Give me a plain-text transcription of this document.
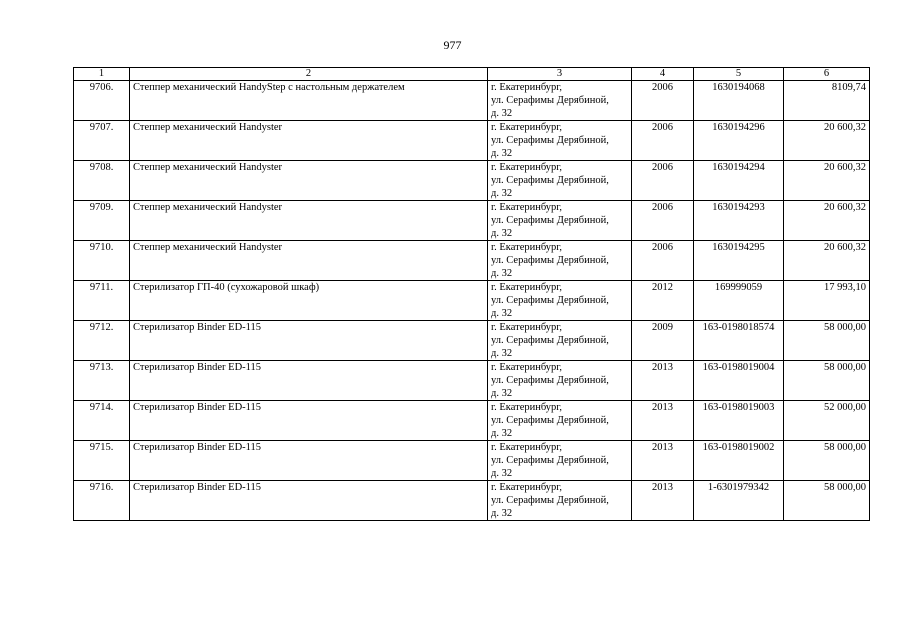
977
1	2	3	4	5	6
9706.	Степпер механический HandyStep с настольным держателем	г. Екатеринбург,
ул. Серафимы Дерябиной,
д. 32	2006	1630194068	8109,74
9707.	Степпер механический Handyster	г. Екатеринбург,
ул. Серафимы Дерябиной,
д. 32	2006	1630194296	20 600,32
9708.	Степпер механический Handyster	г. Екатеринбург,
ул. Серафимы Дерябиной,
д. 32	2006	1630194294	20 600,32
9709.	Степпер механический Handyster	г. Екатеринбург,
ул. Серафимы Дерябиной,
д. 32	2006	1630194293	20 600,32
9710.	Степпер механический Handyster	г. Екатеринбург,
ул. Серафимы Дерябиной,
д. 32	2006	1630194295	20 600,32
9711.	Стерилизатор ГП-40 (сухожаровой шкаф)	г. Екатеринбург,
ул. Серафимы Дерябиной,
д. 32	2012	169999059	17 993,10
9712.	Стерилизатор Binder ED-115	г. Екатеринбург,
ул. Серафимы Дерябиной,
д. 32	2009	163-0198018574	58 000,00
9713.	Стерилизатор Binder ED-115	г. Екатеринбург,
ул. Серафимы Дерябиной,
д. 32	2013	163-0198019004	58 000,00
9714.	Стерилизатор Binder ED-115	г. Екатеринбург,
ул. Серафимы Дерябиной,
д. 32	2013	163-0198019003	52 000,00
9715.	Стерилизатор Binder ED-115	г. Екатеринбург,
ул. Серафимы Дерябиной,
д. 32	2013	163-0198019002	58 000,00
9716.	Стерилизатор Binder ED-115	г. Екатеринбург,
ул. Серафимы Дерябиной,
д. 32	2013	1-6301979342	58 000,00
